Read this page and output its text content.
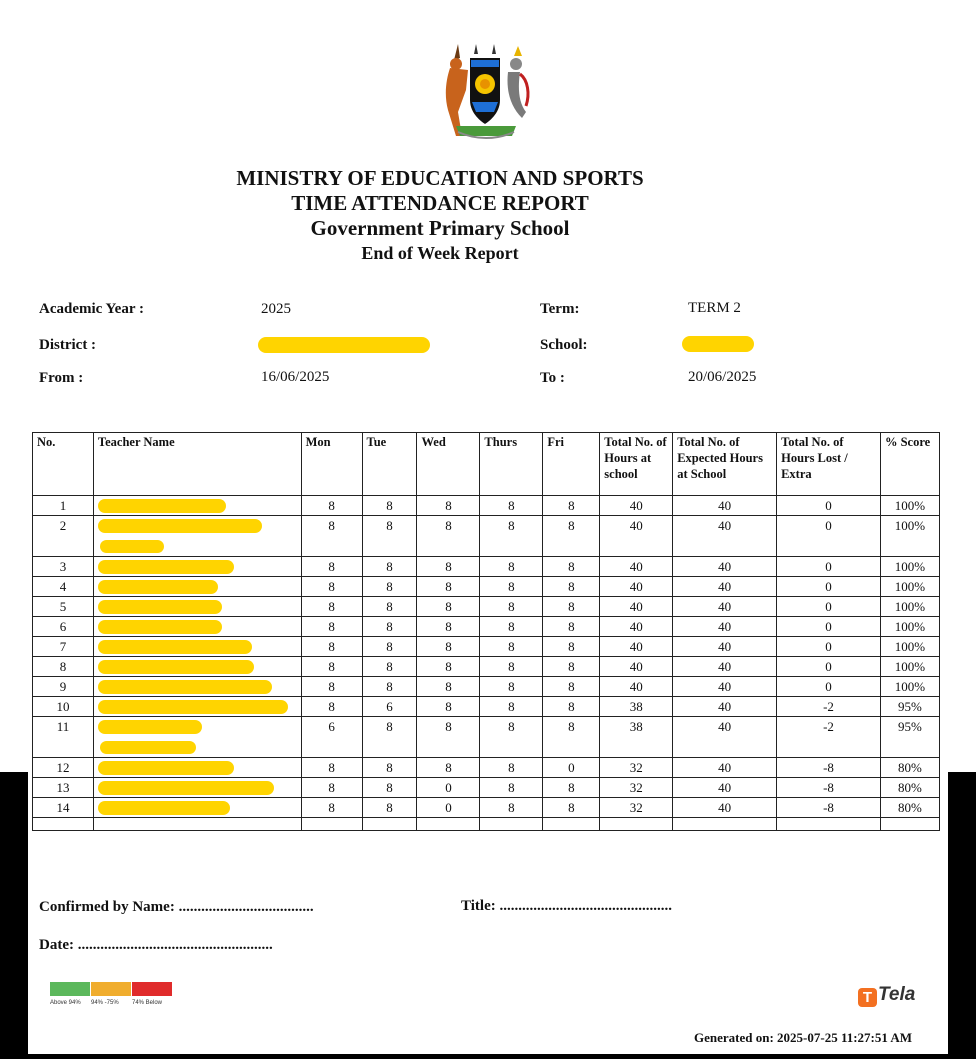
MINISTRY OF EDUCATION AND SPORTS
TIME ATTENDANCE REPORT
Government Primary School
End of Week Report
Academic Year :	2025	Term:	TERM 2
District :	School:
From :	16/06/2025	To :	20/06/2025
No.	Teacher Name	Mon	Tue	Wed	Thurs	Fri	Total No. of Hours at school	Total No. of Expected Hours at School	Total No. of Hours Lost / Extra	% Score
1		8	8	8	8	8	40	40	0	100%
2		8	8	8	8	8	40	40	0	100%
3		8	8	8	8	8	40	40	0	100%
4		8	8	8	8	8	40	40	0	100%
5		8	8	8	8	8	40	40	0	100%
6		8	8	8	8	8	40	40	0	100%
7		8	8	8	8	8	40	40	0	100%
8		8	8	8	8	8	40	40	0	100%
9		8	8	8	8	8	40	40	0	100%
10		8	6	8	8	8	38	40	-2	95%
11		6	8	8	8	8	38	40	-2	95%
12		8	8	8	8	0	32	40	-8	80%
13		8	8	0	8	8	32	40	-8	80%
14		8	8	0	8	8	32	40	-8	80%

Confirmed by Name: ....................................	Title: ..............................................
Date: ....................................................
Above 94% 94% -75% 74% Below	T Tela
Generated on: 2025-07-25 11:27:51 AM
